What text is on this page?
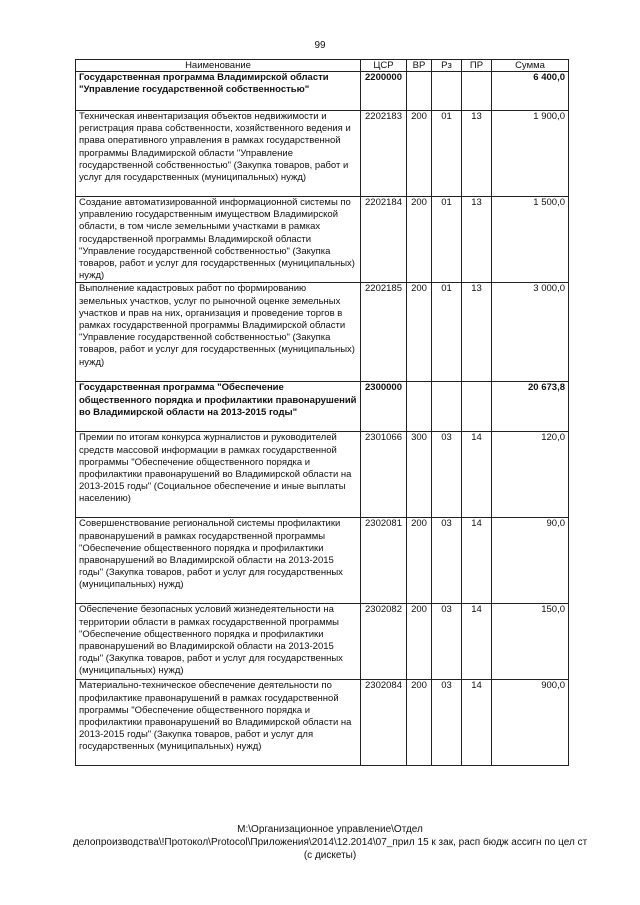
99
Наименование	ЦСР	ВР	Рз	ПР	Сумма
Государственная программа Владимирской области "Управление государственной собственностью"	2200000				6 400,0
Техническая инвентаризация объектов недвижимости и регистрация права собственности, хозяйственного ведения и права оперативного управления в рамках государственной программы Владимирской области "Управление государственной собственностью" (Закупка товаров, работ и услуг для государственных (муниципальных) нужд)	2202183	200	01	13	1 900,0
Создание автоматизированной информационной системы по управлению государственным имуществом Владимирской области, в том числе земельными участками в рамках государственной программы Владимирской области "Управление государственной собственностью" (Закупка товаров, работ и услуг для государственных (муниципальных) нужд)	2202184	200	01	13	1 500,0
Выполнение кадастровых работ по формированию земельных участков, услуг по рыночной оценке земельных участков и прав на них, организация и проведение торгов в рамках государственной программы Владимирской области "Управление государственной собственностью" (Закупка товаров, работ и услуг для государственных (муниципальных) нужд)	2202185	200	01	13	3 000,0
Государственная программа "Обеспечение общественного порядка и профилактики правонарушений во Владимирской области на 2013-2015 годы"	2300000				20 673,8
Премии по итогам конкурса журналистов и руководителей средств массовой информации в рамках государственной программы "Обеспечение общественного порядка и профилактики правонарушений во Владимирской области на 2013-2015 годы" (Социальное обеспечение и иные выплаты населению)	2301066	300	03	14	120,0
Совершенствование региональной системы профилактики правонарушений в рамках государственной программы "Обеспечение общественного порядка и профилактики правонарушений во Владимирской области на 2013-2015 годы" (Закупка товаров, работ и услуг для государственных (муниципальных) нужд)	2302081	200	03	14	90,0
Обеспечение безопасных условий жизнедеятельности на территории области в рамках государственной программы "Обеспечение общественного порядка и профилактики правонарушений во Владимирской области на 2013-2015 годы" (Закупка товаров, работ и услуг для государственных (муниципальных) нужд)	2302082	200	03	14	150,0
Материально-техническое обеспечение деятельности по профилактике правонарушений в рамках государственной программы "Обеспечение общественного порядка и профилактики правонарушений во Владимирской области на 2013-2015 годы" (Закупка товаров, работ и услуг для государственных (муниципальных) нужд)	2302084	200	03	14	900,0
М:\Организационное управление\Отдел
делопроизводства\!Протокол\Protocol\Приложения\2014\12.2014\07_прил 15 к зак, расп бюдж ассигн по цел ст
(с дискеты)
